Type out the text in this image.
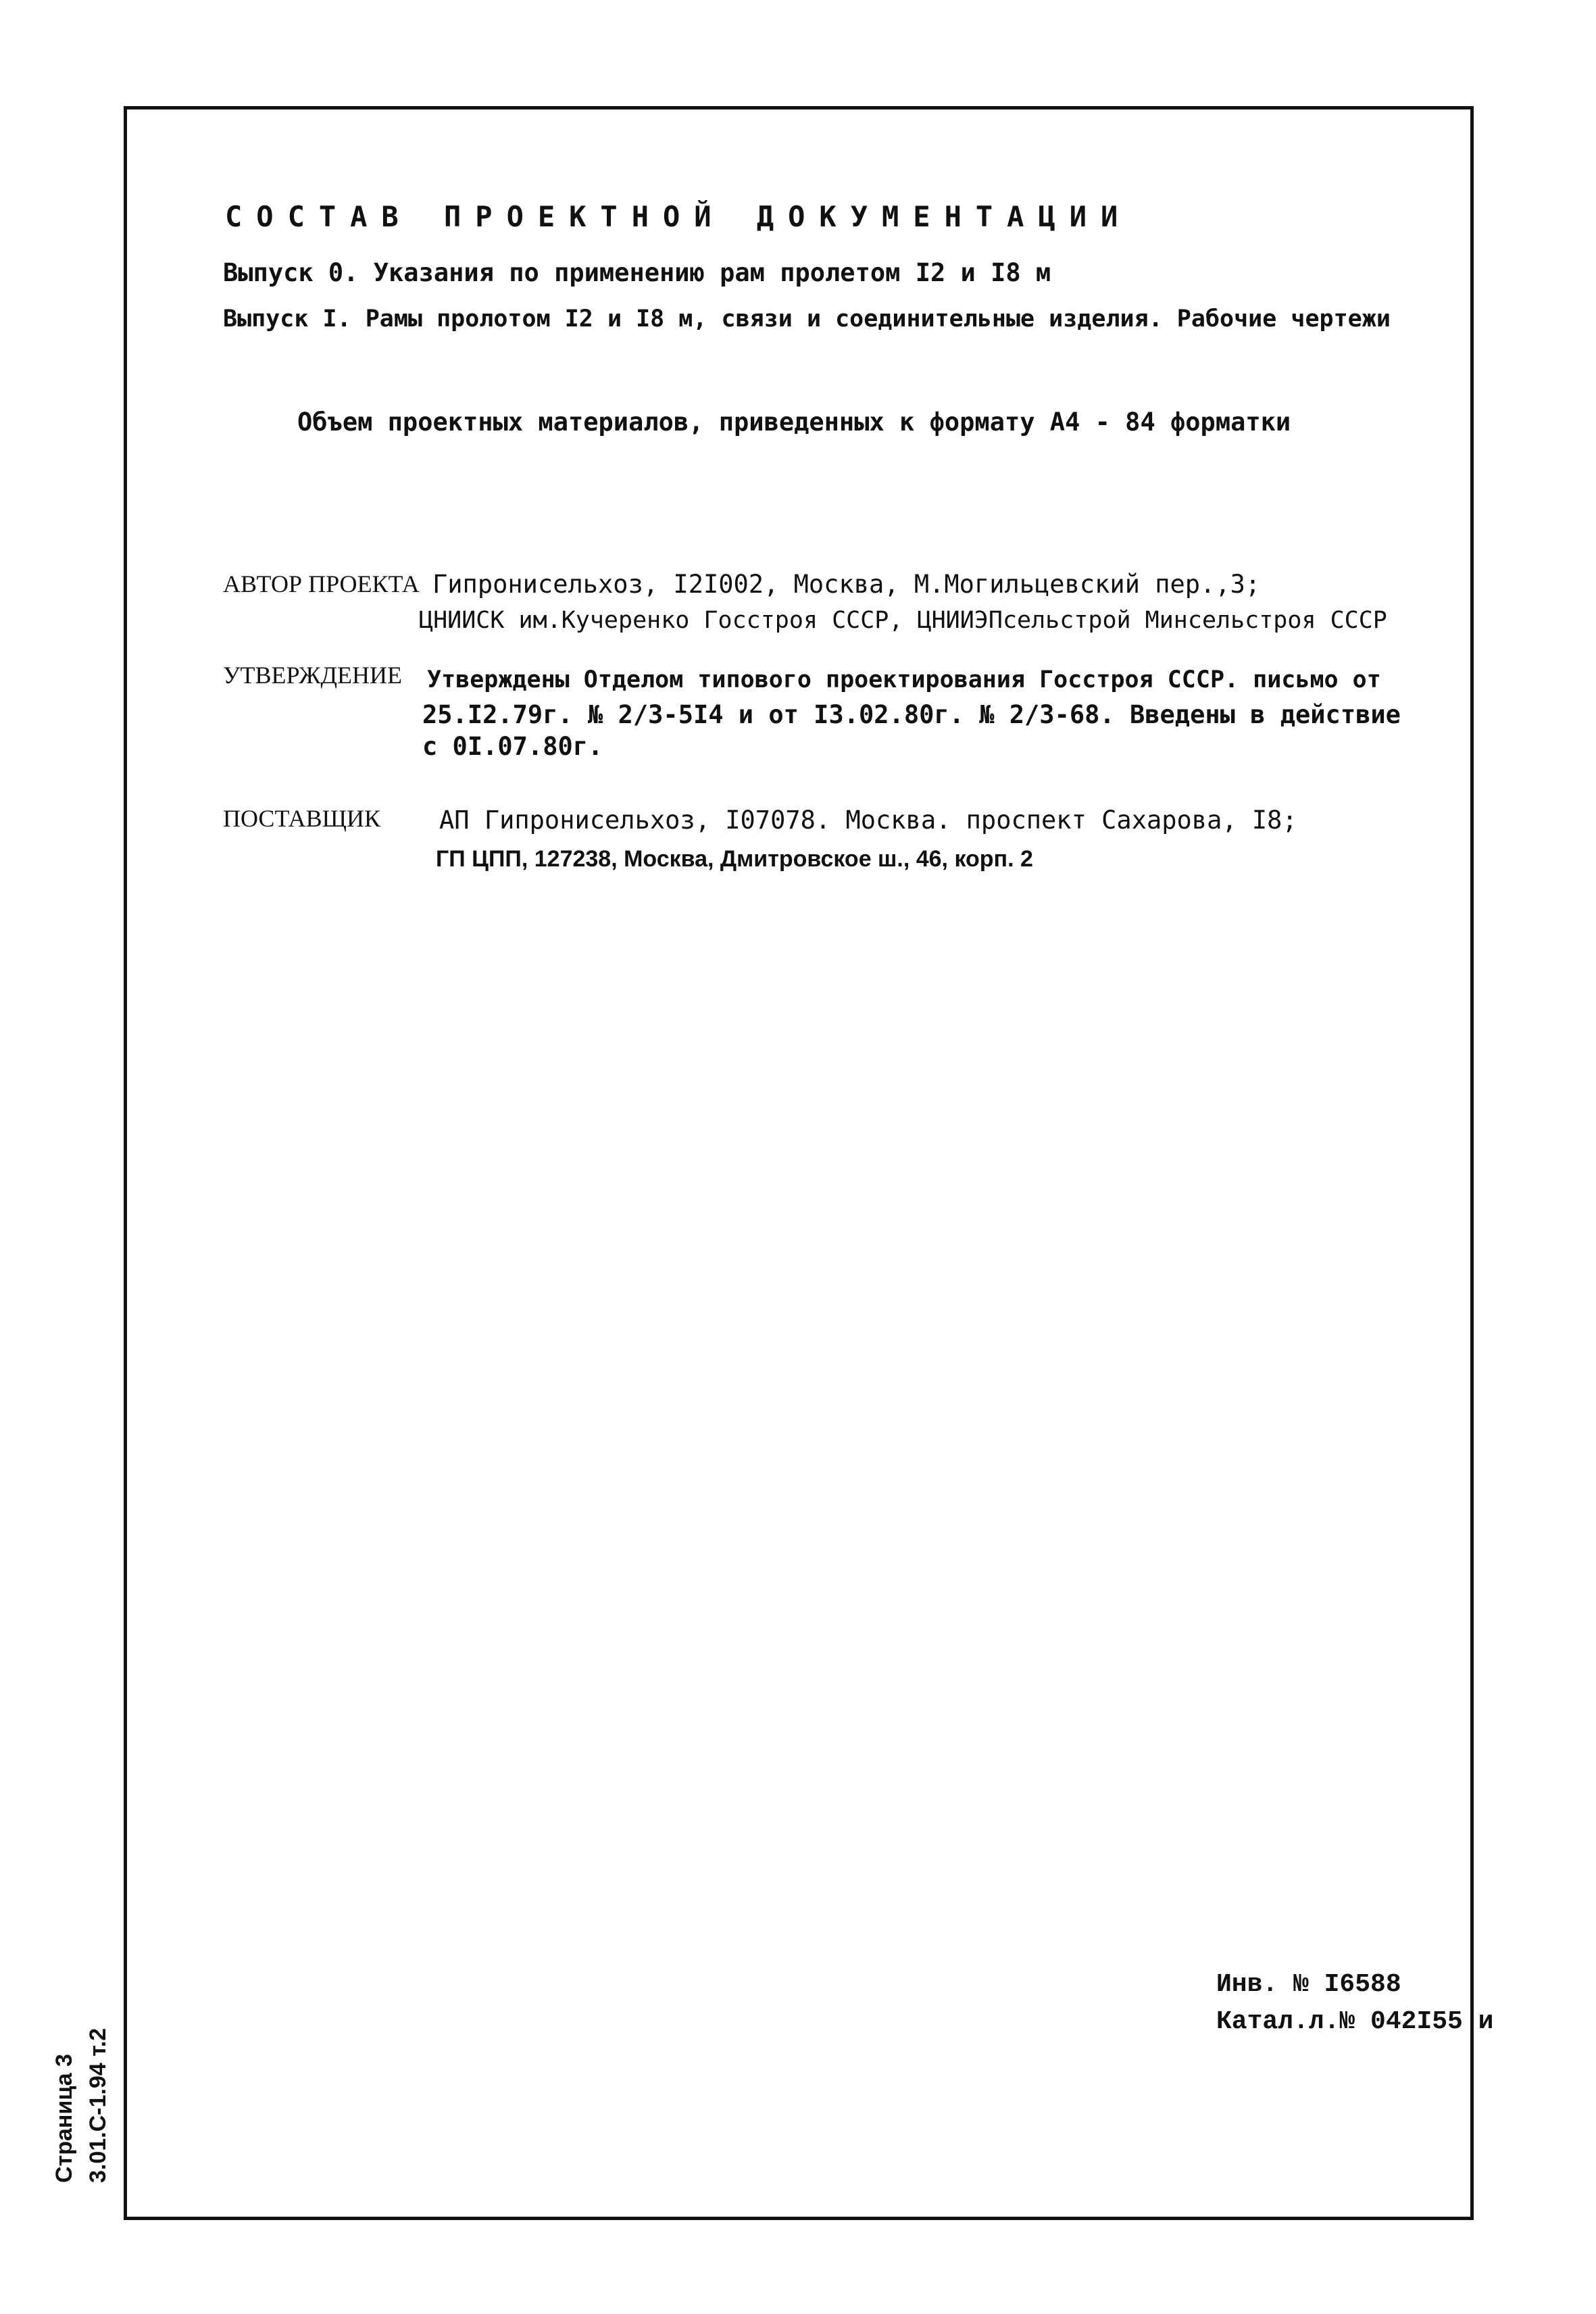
СОСТАВ ПРОЕКТНОЙ ДОКУМЕНТАЦИИ
Выпуск 0. Указания по применению рам пролетом I2 и I8 м
Выпуск I. Рамы пролотом I2 и I8 м, связи и соединительные изделия. Рабочие чертежи
Объем проектных материалов, приведенных к формату А4 - 84 форматки
АВТОР ПРОЕКТА Гипронисельхоз, I2I002, Москва, М.Могильцевский пер.,3;
ЦНИИСК им.Кучеренко Госстроя СССР, ЦНИИЭПсельстрой Минсельстроя СССР
УТВЕРЖДЕНИЕ Утверждены Отделом типового проектирования Госстроя СССР. письмо от
25.I2.79г. № 2/3-5I4 и от I3.02.80г. № 2/3-68. Введены в действие
с 0I.07.80г.
ПОСТАВЩИК АП Гипронисельхоз, I07078. Москва. проспект Сахарова, I8;
ГП ЦПП, 127238, Москва, Дмитровское ш., 46, корп. 2
Страница 3 3.01.С-1.94 т.2
Инв. № I6588
Катал.л.№ 042I55 и
